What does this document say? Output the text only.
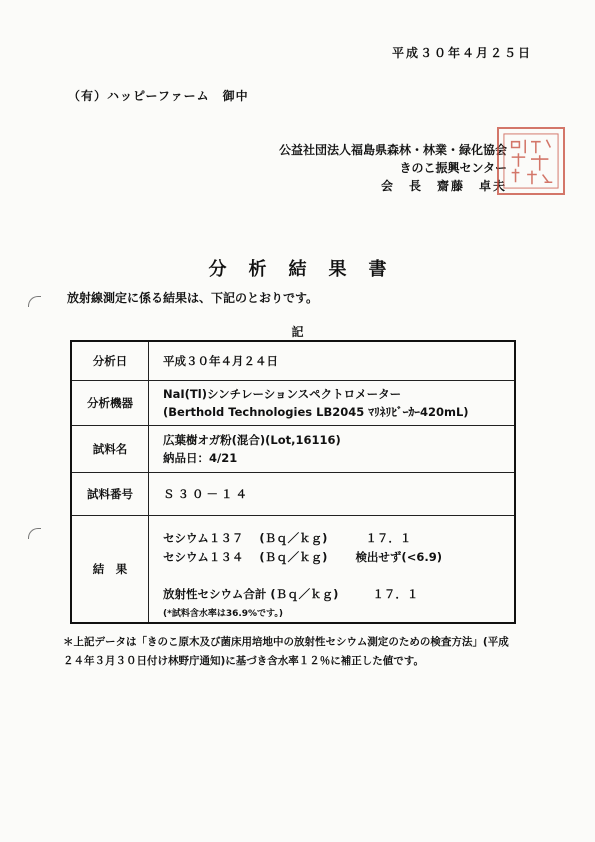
平成３０年４月２５日
（有）ハッピーファーム　御中
公益社団法人福島県森林・林業・緑化協会
きのこ振興センター
会　長　齋藤　卓夫
分析結果書
放射線測定に係る結果は、下記のとおりです。
記
分析日	平成３０年４月２４日
分析機器	NaI(Tl)シンチレーションスペクトロメーター
(Berthold Technologies LB2045 ﾏﾘﾈﾘﾋﾞｰｶｰ420mL)

試料名	広葉樹オガ粉(混合)(Lot,16116)
納品日：4/21

試料番号	Ｓ３０－１４
結　果	セシウム１３７ (Ｂｑ／ｋｇ) １７．１
セシウム１３４ (Ｂｑ／ｋｇ) 検出せず(<6.9)
放射性セシウム合計 (Ｂｑ／ｋｇ) １７．１
(*試料含水率は36.9%です。)
＊上記データは「きのこ原木及び菌床用培地中の放射性セシウム測定のための検査方法」(平成
２４年３月３０日付け林野庁通知)に基づき含水率１２％に補正した値です。
